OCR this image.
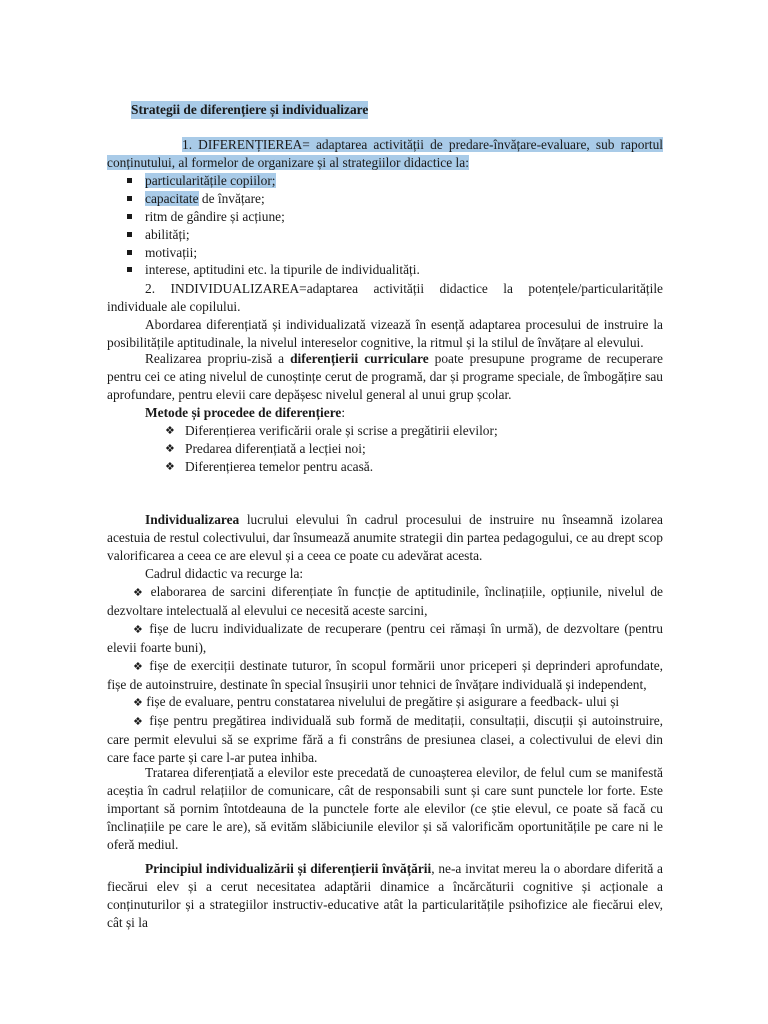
Strategii de diferențiere și individualizare

1. DIFERENȚIEREA= adaptarea activității de predare-învățare-evaluare, sub raportul conținutului, al formelor de organizare și al strategiilor didactice la:

particularitățile copiilor;
capacitate de învățare;
ritm de gândire și acțiune;
abilități;
motivații;
interese, aptitudini etc. la tipurile de individualități.

2. INDIVIDUALIZAREA=adaptarea activității didactice la potențele/particularitățile individuale ale copilului.

Abordarea diferențiată și individualizată vizează în esență adaptarea procesului de instruire la posibilitățile aptitudinale, la nivelul intereselor cognitive, la ritmul și la stilul de învățare al elevului.

Realizarea propriu-zisă a diferențierii curriculare poate presupune programe de recuperare pentru cei ce ating nivelul de cunoștințe cerut de programă, dar și programe speciale, de îmbogățire sau aprofundare, pentru elevii care depășesc nivelul general al unui grup școlar.

Metode și procedee de diferențiere:

❖ Diferențierea verificării orale și scrise a pregătirii elevilor;
❖ Predarea diferențiată a lecției noi;
❖ Diferențierea temelor pentru acasă.

Individualizarea lucrului elevului în cadrul procesului de instruire nu înseamnă izolarea acestuia de restul colectivului, dar însumează anumite strategii din partea pedagogului, ce au drept scop valorificarea a ceea ce are elevul și a ceea ce poate cu adevărat acesta.

Cadrul didactic va recurge la:

❖ elaborarea de sarcini diferențiate în funcție de aptitudinile, înclinațiile, opțiunile, nivelul de dezvoltare intelectuală al elevului ce necesită aceste sarcini,

❖ fișe de lucru individualizate de recuperare (pentru cei rămași în urmă), de dezvoltare (pentru elevii foarte buni),

❖ fișe de exerciții destinate tuturor, în scopul formării unor priceperi și deprinderi aprofundate, fișe de autoinstruire, destinate în special însușirii unor tehnici de învățare individuală și independent,

❖ fișe de evaluare, pentru constatarea nivelului de pregătire și asigurare a feedback- ului și

❖ fișe pentru pregătirea individuală sub formă de meditații, consultații, discuții și autoinstruire, care permit elevului să se exprime fără a fi constrâns de presiunea clasei, a colectivului de elevi din care face parte și care l-ar putea inhiba.

Tratarea diferențiată a elevilor este precedată de cunoașterea elevilor, de felul cum se manifestă aceștia în cadrul relațiilor de comunicare, cât de responsabili sunt și care sunt punctele lor forte. Este important să pornim întotdeauna de la punctele forte ale elevilor (ce știe elevul, ce poate să facă cu înclinațiile pe care le are), să evităm slăbiciunile elevilor și să valorificăm oportunitățile pe care ni le oferă mediul.

Principiul individualizării și diferențierii învățării, ne-a invitat mereu la o abordare diferită a fiecărui elev și a cerut necesitatea adaptării dinamice a încărcăturii cognitive și acționale a conținuturilor și a strategiilor instructiv-educative atât la particularitățile psihofizice ale fiecărui elev, cât și la
